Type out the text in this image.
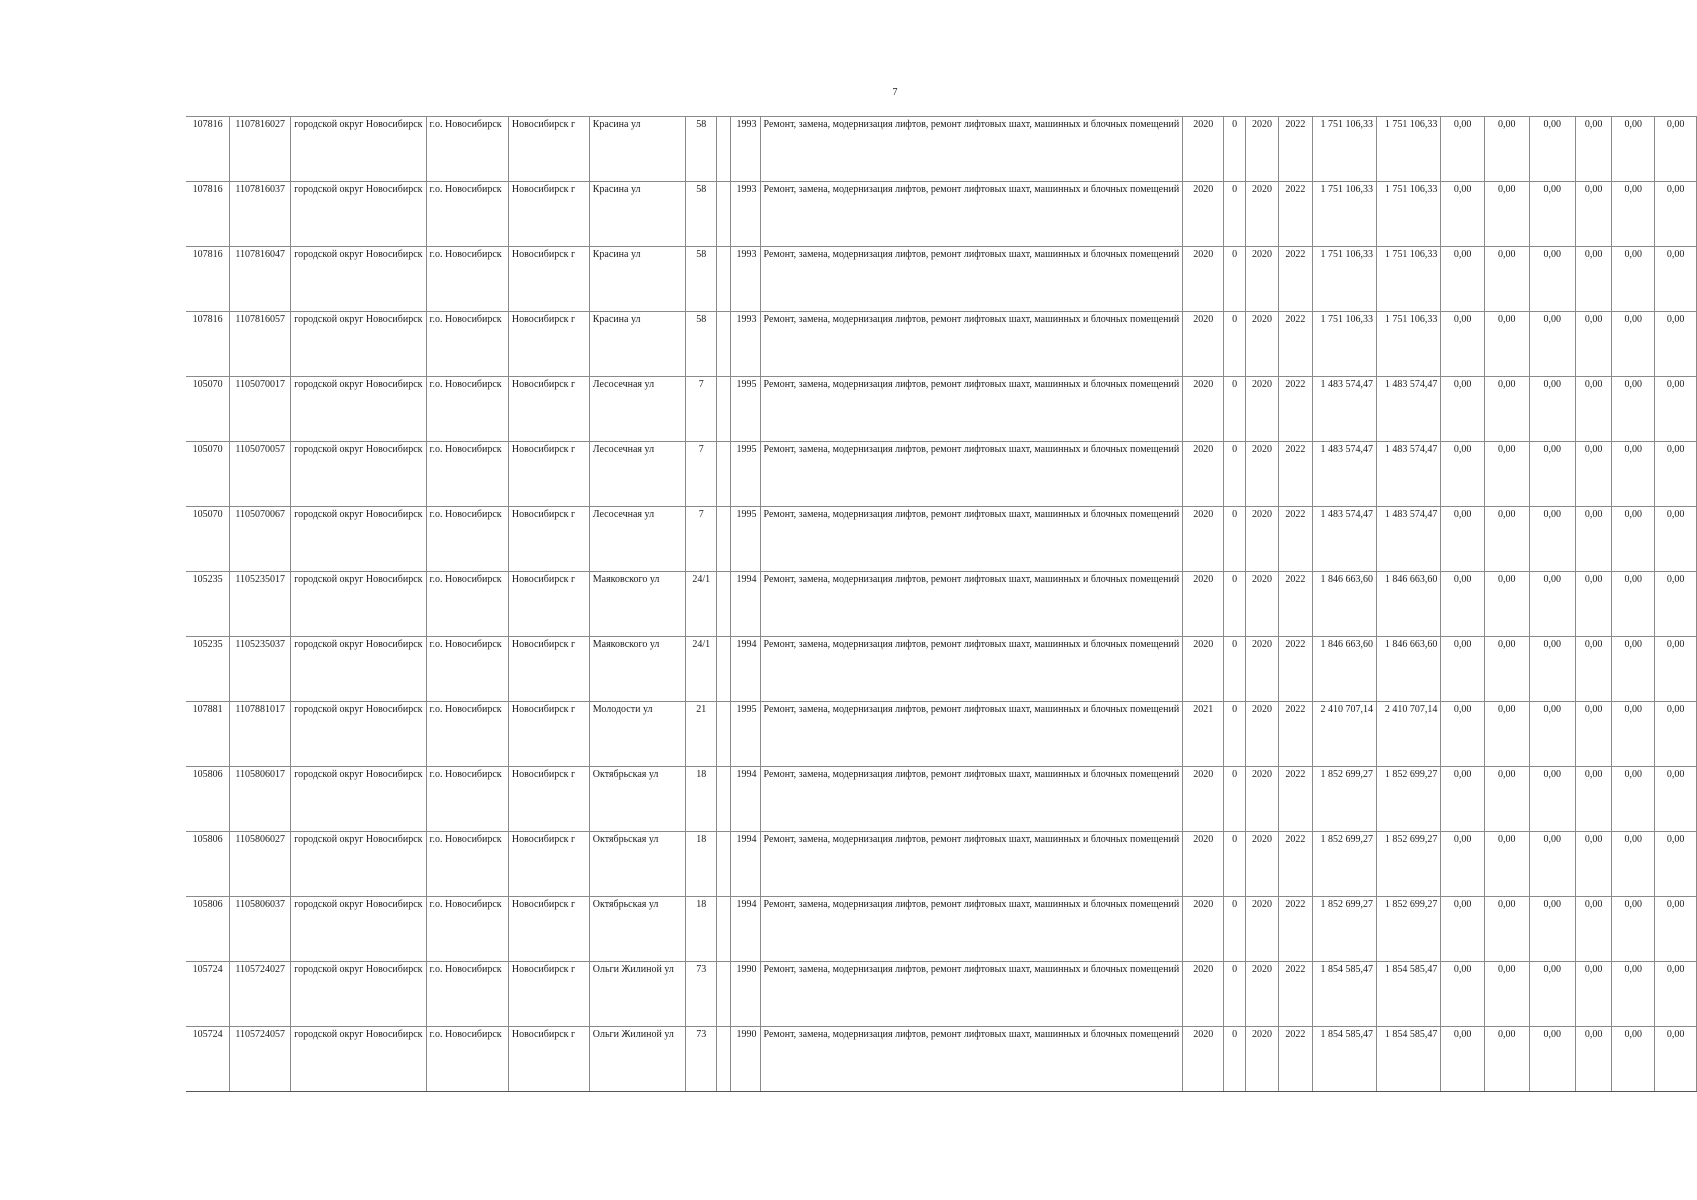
7
107816	1107816027	городской округ Новосибирск	г.о. Новосибирск	Новосибирск г	Красина ул	58		1993	Ремонт, замена, модернизация лифтов, ремонт лифтовых шахт, машинных и блочных помещений	2020	0	2020	2022	1 751 106,33	1 751 106,33	0,00	0,00	0,00	0,00	0,00	0,00
107816	1107816037	городской округ Новосибирск	г.о. Новосибирск	Новосибирск г	Красина ул	58		1993	Ремонт, замена, модернизация лифтов, ремонт лифтовых шахт, машинных и блочных помещений	2020	0	2020	2022	1 751 106,33	1 751 106,33	0,00	0,00	0,00	0,00	0,00	0,00
107816	1107816047	городской округ Новосибирск	г.о. Новосибирск	Новосибирск г	Красина ул	58		1993	Ремонт, замена, модернизация лифтов, ремонт лифтовых шахт, машинных и блочных помещений	2020	0	2020	2022	1 751 106,33	1 751 106,33	0,00	0,00	0,00	0,00	0,00	0,00
107816	1107816057	городской округ Новосибирск	г.о. Новосибирск	Новосибирск г	Красина ул	58		1993	Ремонт, замена, модернизация лифтов, ремонт лифтовых шахт, машинных и блочных помещений	2020	0	2020	2022	1 751 106,33	1 751 106,33	0,00	0,00	0,00	0,00	0,00	0,00
105070	1105070017	городской округ Новосибирск	г.о. Новосибирск	Новосибирск г	Лесосечная ул	7		1995	Ремонт, замена, модернизация лифтов, ремонт лифтовых шахт, машинных и блочных помещений	2020	0	2020	2022	1 483 574,47	1 483 574,47	0,00	0,00	0,00	0,00	0,00	0,00
105070	1105070057	городской округ Новосибирск	г.о. Новосибирск	Новосибирск г	Лесосечная ул	7		1995	Ремонт, замена, модернизация лифтов, ремонт лифтовых шахт, машинных и блочных помещений	2020	0	2020	2022	1 483 574,47	1 483 574,47	0,00	0,00	0,00	0,00	0,00	0,00
105070	1105070067	городской округ Новосибирск	г.о. Новосибирск	Новосибирск г	Лесосечная ул	7		1995	Ремонт, замена, модернизация лифтов, ремонт лифтовых шахт, машинных и блочных помещений	2020	0	2020	2022	1 483 574,47	1 483 574,47	0,00	0,00	0,00	0,00	0,00	0,00
105235	1105235017	городской округ Новосибирск	г.о. Новосибирск	Новосибирск г	Маяковского ул	24/1		1994	Ремонт, замена, модернизация лифтов, ремонт лифтовых шахт, машинных и блочных помещений	2020	0	2020	2022	1 846 663,60	1 846 663,60	0,00	0,00	0,00	0,00	0,00	0,00
105235	1105235037	городской округ Новосибирск	г.о. Новосибирск	Новосибирск г	Маяковского ул	24/1		1994	Ремонт, замена, модернизация лифтов, ремонт лифтовых шахт, машинных и блочных помещений	2020	0	2020	2022	1 846 663,60	1 846 663,60	0,00	0,00	0,00	0,00	0,00	0,00
107881	1107881017	городской округ Новосибирск	г.о. Новосибирск	Новосибирск г	Молодости ул	21		1995	Ремонт, замена, модернизация лифтов, ремонт лифтовых шахт, машинных и блочных помещений	2021	0	2020	2022	2 410 707,14	2 410 707,14	0,00	0,00	0,00	0,00	0,00	0,00
105806	1105806017	городской округ Новосибирск	г.о. Новосибирск	Новосибирск г	Октябрьская ул	18		1994	Ремонт, замена, модернизация лифтов, ремонт лифтовых шахт, машинных и блочных помещений	2020	0	2020	2022	1 852 699,27	1 852 699,27	0,00	0,00	0,00	0,00	0,00	0,00
105806	1105806027	городской округ Новосибирск	г.о. Новосибирск	Новосибирск г	Октябрьская ул	18		1994	Ремонт, замена, модернизация лифтов, ремонт лифтовых шахт, машинных и блочных помещений	2020	0	2020	2022	1 852 699,27	1 852 699,27	0,00	0,00	0,00	0,00	0,00	0,00
105806	1105806037	городской округ Новосибирск	г.о. Новосибирск	Новосибирск г	Октябрьская ул	18		1994	Ремонт, замена, модернизация лифтов, ремонт лифтовых шахт, машинных и блочных помещений	2020	0	2020	2022	1 852 699,27	1 852 699,27	0,00	0,00	0,00	0,00	0,00	0,00
105724	1105724027	городской округ Новосибирск	г.о. Новосибирск	Новосибирск г	Ольги Жилиной ул	73		1990	Ремонт, замена, модернизация лифтов, ремонт лифтовых шахт, машинных и блочных помещений	2020	0	2020	2022	1 854 585,47	1 854 585,47	0,00	0,00	0,00	0,00	0,00	0,00
105724	1105724057	городской округ Новосибирск	г.о. Новосибирск	Новосибирск г	Ольги Жилиной ул	73		1990	Ремонт, замена, модернизация лифтов, ремонт лифтовых шахт, машинных и блочных помещений	2020	0	2020	2022	1 854 585,47	1 854 585,47	0,00	0,00	0,00	0,00	0,00	0,00
